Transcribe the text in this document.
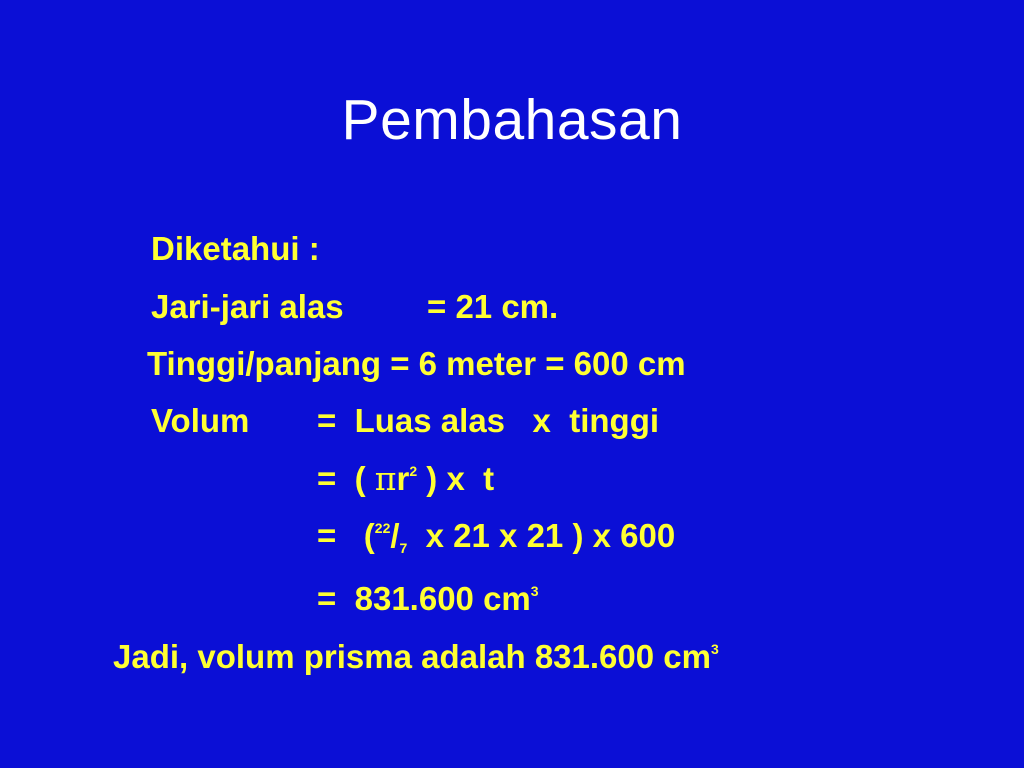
Pembahasan
Diketahui :
Jari-jari alas	= 21 cm.
Tinggi/panjang = 6 meter = 600 cm
Volum =  Luas alas   x  tinggi
=  ( $\pi r^2$ ) x  t
=   ($^{22}$/7  x 21 x 21 ) x 600
=  831.600 $cm^3$
Jadi, volum prisma adalah 831.600 $cm^3$
